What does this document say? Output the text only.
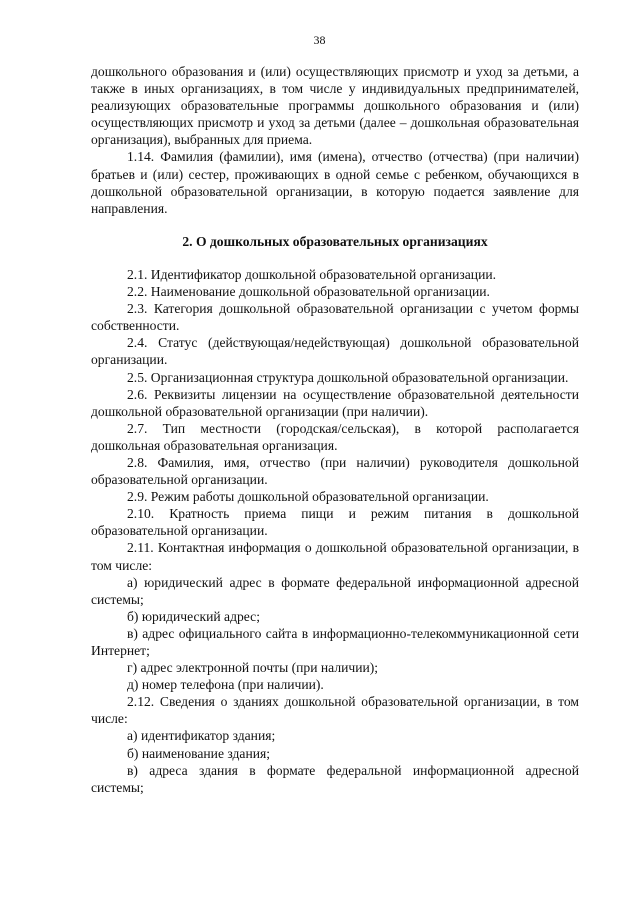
38

дошкольного образования и (или) осуществляющих присмотр и уход за детьми, а также в иных организациях, в том числе у индивидуальных предпринимателей, реализующих образовательные программы дошкольного образования и (или) осуществляющих присмотр и уход за детьми (далее – дошкольная образовательная организация), выбранных для приема.

1.14. Фамилия (фамилии), имя (имена), отчество (отчества) (при наличии) братьев и (или) сестер, проживающих в одной семье с ребенком, обучающихся в дошкольной образовательной организации, в которую подается заявление для направления.

2. О дошкольных образовательных организациях

2.1. Идентификатор дошкольной образовательной организации.

2.2. Наименование дошкольной образовательной организации.

2.3. Категория дошкольной образовательной организации с учетом формы собственности.

2.4. Статус (действующая/недействующая) дошкольной образовательной организации.

2.5. Организационная структура дошкольной образовательной организации.

2.6. Реквизиты лицензии на осуществление образовательной деятельности дошкольной образовательной организации (при наличии).

2.7. Тип местности (городская/сельская), в которой располагается дошкольная образовательная организация.

2.8. Фамилия, имя, отчество (при наличии) руководителя дошкольной образовательной организации.

2.9. Режим работы дошкольной образовательной организации.

2.10. Кратность приема пищи и режим питания в дошкольной образовательной организации.

2.11. Контактная информация о дошкольной образовательной организации, в том числе:

а) юридический адрес в формате федеральной информационной адресной системы;

б) юридический адрес;

в) адрес официального сайта в информационно-телекоммуникационной сети Интернет;

г) адрес электронной почты (при наличии);

д) номер телефона (при наличии).

2.12. Сведения о зданиях дошкольной образовательной организации, в том числе:

а) идентификатор здания;

б) наименование здания;

в) адреса здания в формате федеральной информационной адресной системы;
